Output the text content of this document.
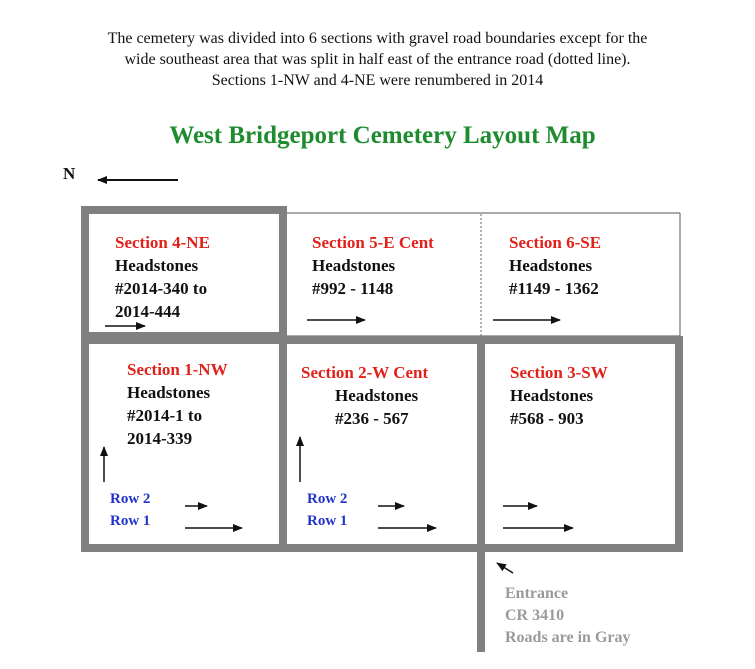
The cemetery was divided into 6 sections with gravel road boundaries except for the
wide southeast area that was split in half east of the entrance road (dotted line).
Sections 1-NW and 4-NE were renumbered in 2014
West Bridgeport Cemetery Layout Map
N
Section 4-NE
Headstones
#2014-340 to
2014-444
Section 5-E Cent
Headstones
#992 - 1148
Section 6-SE
Headstones
#1149 - 1362
Section 1-NW
Headstones
#2014-1 to
2014-339
Section 2-W Cent
Headstones
#236 - 567
Section 3-SW
Headstones
#568 - 903
Row 2
Row 1
Row 2
Row 1
Entrance
CR 3410
Roads are in Gray
